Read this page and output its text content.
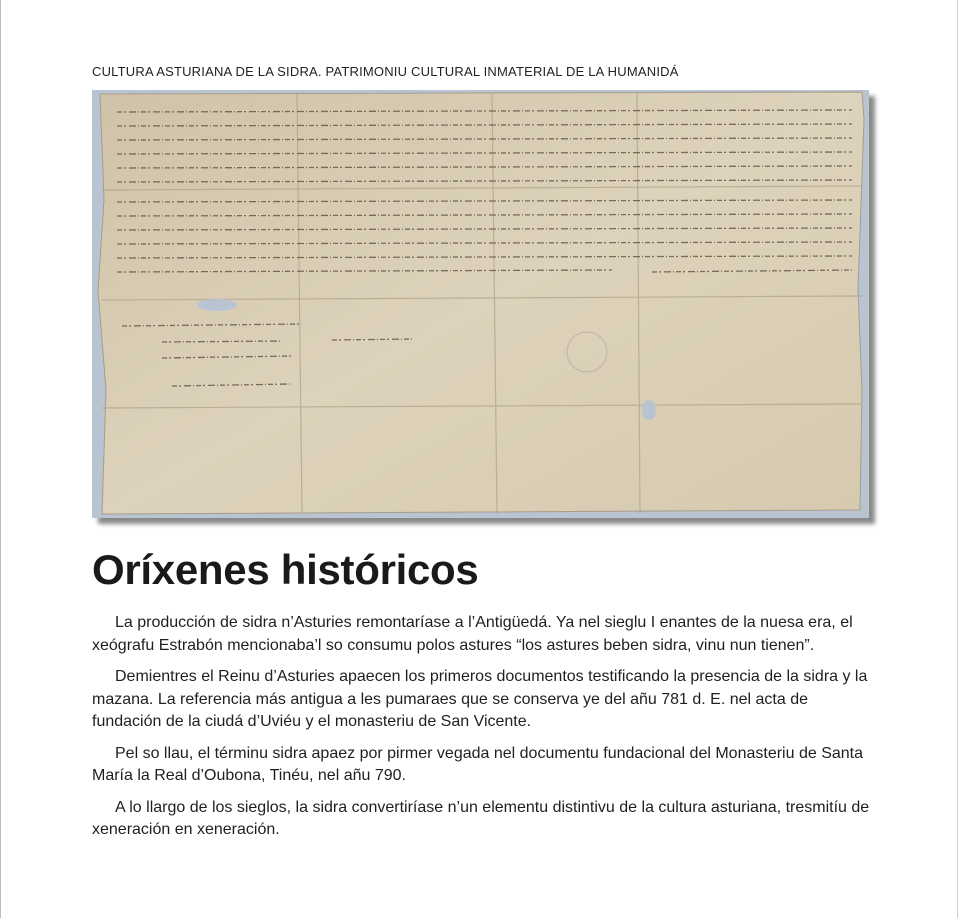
CULTURA ASTURIANA DE LA SIDRA. PATRIMONIU CULTURAL INMATERIAL DE LA HUMANIDÁ
Oríxenes históricos

La producción de sidra n’Asturies remontaríase a l’Antigüedá. Ya nel sieglu I enantes de la nuesa era, el xeógrafu Estrabón mencionaba’l so consumu polos astures “los astures beben sidra, vinu nun tienen”.

Demientres el Reinu d’Asturies apaecen los primeros documentos testificando la presencia de la sidra y la mazana. La referencia más antigua a les pumaraes que se conserva ye del añu 781 d. E. nel acta de fundación de la ciudá d’Uviéu y el monasteriu de San Vicente.

Pel so llau, el términu sidra apaez por pirmer vegada nel documentu fundacional del Monasteriu de Santa María la Real d’Oubona, Tinéu, nel añu 790.

A lo llargo de los sieglos, la sidra convertiríase n’un elementu distintivu de la cultura asturiana, tresmitíu de xeneración en xeneración.
